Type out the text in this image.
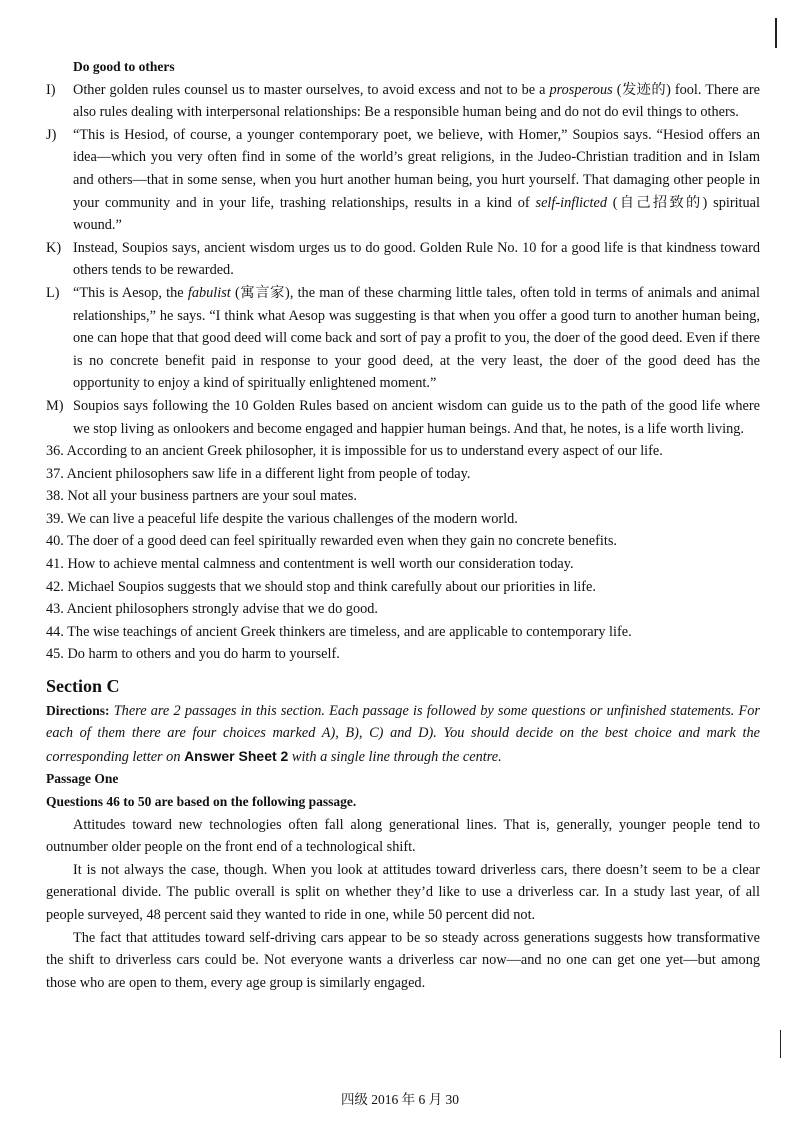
Do good to others
I) Other golden rules counsel us to master ourselves, to avoid excess and not to be a prosperous (发迹的) fool. There are also rules dealing with interpersonal relationships: Be a responsible human being and do not do evil things to others.
J) “This is Hesiod, of course, a younger contemporary poet, we believe, with Homer,” Soupios says. “Hesiod offers an idea—which you very often find in some of the world’s great religions, in the Judeo-Christian tradition and in Islam and others—that in some sense, when you hurt another human being, you hurt yourself. That damaging other people in your community and in your life, trashing relationships, results in a kind of self-inflicted (自己招致的) spiritual wound.”
K) Instead, Soupios says, ancient wisdom urges us to do good. Golden Rule No. 10 for a good life is that kindness toward others tends to be rewarded.
L) “This is Aesop, the fabulist (寓言家), the man of these charming little tales, often told in terms of animals and animal relationships,” he says. “I think what Aesop was suggesting is that when you offer a good turn to another human being, one can hope that that good deed will come back and sort of pay a profit to you, the doer of the good deed. Even if there is no concrete benefit paid in response to your good deed, at the very least, the doer of the good deed has the opportunity to enjoy a kind of spiritually enlightened moment.”
M) Soupios says following the 10 Golden Rules based on ancient wisdom can guide us to the path of the good life where we stop living as onlookers and become engaged and happier human beings. And that, he notes, is a life worth living.
36. According to an ancient Greek philosopher, it is impossible for us to understand every aspect of our life.
37. Ancient philosophers saw life in a different light from people of today.
38. Not all your business partners are your soul mates.
39. We can live a peaceful life despite the various challenges of the modern world.
40. The doer of a good deed can feel spiritually rewarded even when they gain no concrete benefits.
41. How to achieve mental calmness and contentment is well worth our consideration today.
42. Michael Soupios suggests that we should stop and think carefully about our priorities in life.
43. Ancient philosophers strongly advise that we do good.
44. The wise teachings of ancient Greek thinkers are timeless, and are applicable to contemporary life.
45. Do harm to others and you do harm to yourself.
Section C
Directions: There are 2 passages in this section. Each passage is followed by some questions or unfinished statements. For each of them there are four choices marked A), B), C) and D). You should decide on the best choice and mark the corresponding letter on Answer Sheet 2 with a single line through the centre.
Passage One
Questions 46 to 50 are based on the following passage.
Attitudes toward new technologies often fall along generational lines. That is, generally, younger people tend to outnumber older people on the front end of a technological shift.
It is not always the case, though. When you look at attitudes toward driverless cars, there doesn’t seem to be a clear generational divide. The public overall is split on whether they’d like to use a driverless car. In a study last year, of all people surveyed, 48 percent said they wanted to ride in one, while 50 percent did not.
The fact that attitudes toward self-driving cars appear to be so steady across generations suggests how transformative the shift to driverless cars could be. Not everyone wants a driverless car now—and no one can get one yet—but among those who are open to them, every age group is similarly engaged.
四级 2016 年 6 月 30
